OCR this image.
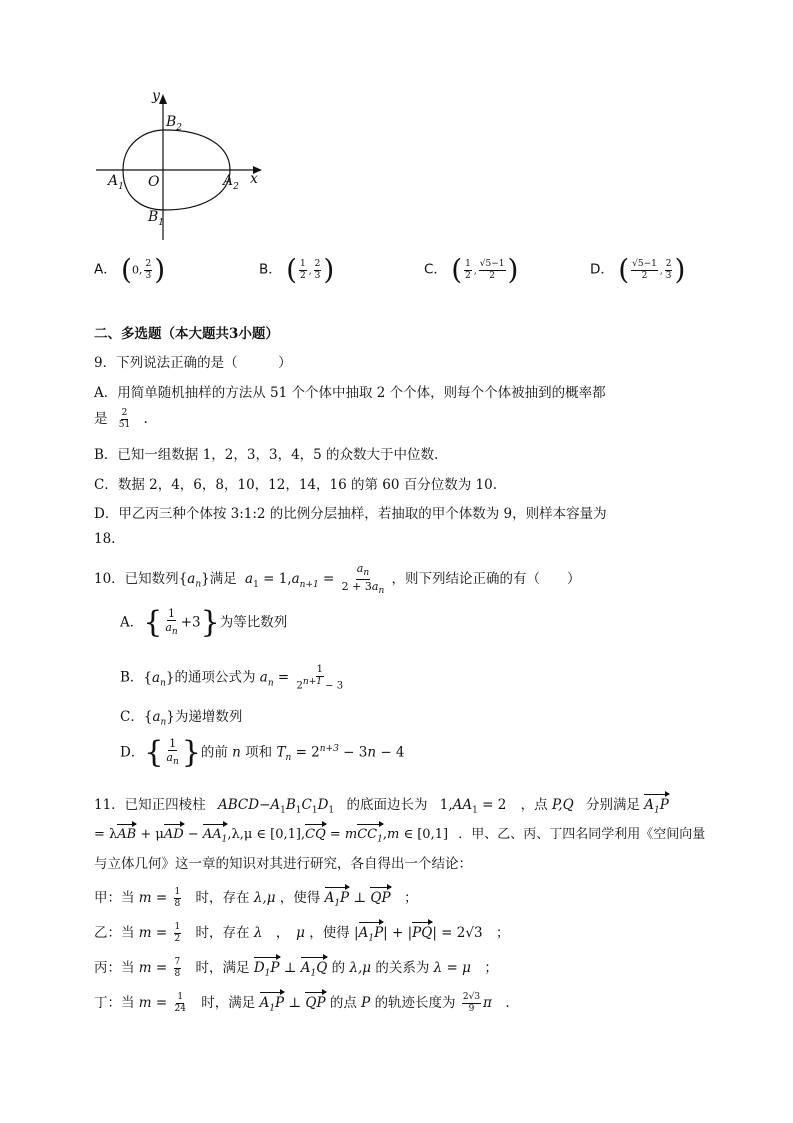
y
x
O
$A_1$	$A_2$
$B_2$
$B_1$
A． (0, $\frac{2}{3}$ )	B． ( $\frac{1}{2}$ , $\frac{2}{3}$ )	C． ( $\frac{1}{2}$ , $\frac{√5-1}{2}$ )	D． ( $\frac{√5-1}{2}$ , $\frac{2}{3}$ )
二、多选题（本大题共3小题）
9．下列说法正确的是（　　　）
A．用简单随机抽样的方法从 51 个个体中抽取 2 个个体，则每个个体被抽到的概率都
是 $\frac{2}{51}$ .
B．已知一组数据 1，2，3，3，4，5 的众数大于中位数.
C．数据 2，4，6，8，10，12，14，16 的第 60 百分位数为 10.
D．甲乙丙三种个体按 3:1:2 的比例分层抽样，若抽取的甲个体数为 9，则样本容量为
18.
10．已知数列$\{a_n\}$满足 $a_1 = 1,a_{n+1} = \frac{a_n}{2 + 3a_n}$ ，则下列结论正确的有（　　）
A．{ $\frac{1}{a_n} +3$}为等比数列
B．$\{a_n\}$的通项公式为 $a_n = \frac{1}{2n+1 - 3}$
C．$\{a_n\}$为递增数列
D．{ $\frac{1}{a_n}$ }的前 n 项和 $T_n = 2^{n+3} - 3n - 4$
11．已知正四棱柱 $ABCD-A_1B_1C_1D_1$ 的底面边长为 $1,AA_1 = 2$ ，点 P,Q 分别满足 $A_1P$
= $\lambda AB + \mu AD - AA_1,\lambda,\mu$ ∈ [0,1],CQ = mCC$_1$,m ∈ [0,1] ．甲、乙、丙、丁四名同学利用《空间向量
与立体几何》这一章的知识对其进行研究，各自得出一个结论：
甲：当 $m = \frac{1}{8}$ 时，存在 λ,μ ，使得 $A_1P$ ⊥ QP　；
乙：当 $m = \frac{1}{2}$ 时，存在 λ　，　μ ，使得 $|A_1P| + |PQ| = 2√3$　；
丙：当 $m = \frac{7}{8}$ 时，满足 $D_1P$ ⊥ $A_1Q$ 的 λ,μ 的关系为 λ = μ　；
丁：当 $m = \frac{1}{24}$ 时，满足 $A_1P$ ⊥ QP 的点 P 的轨迹长度为 $\frac{2√3}{9}$ π　.
